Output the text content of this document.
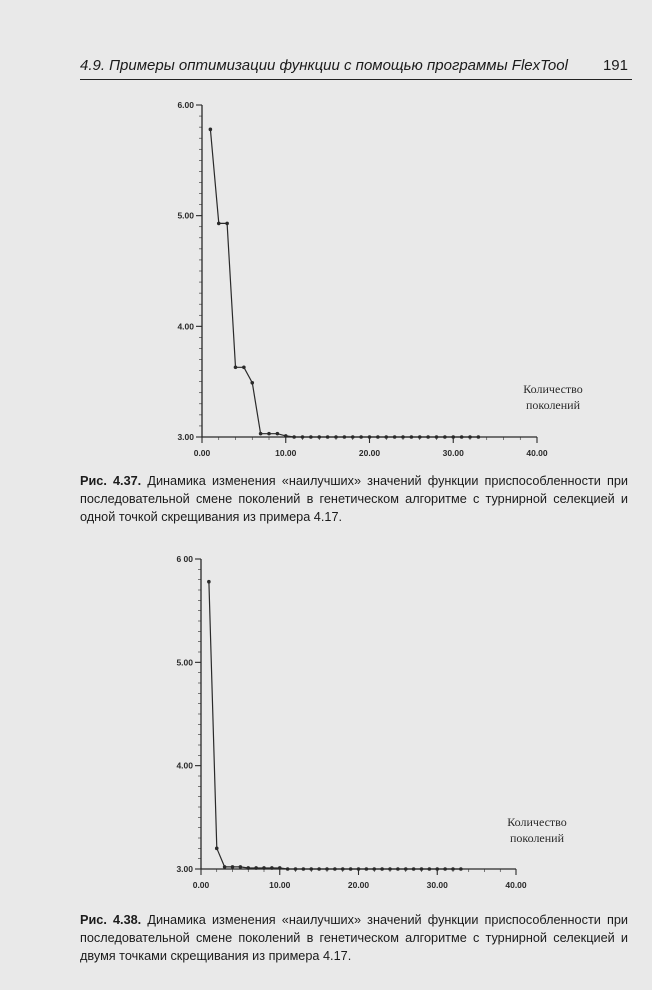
4.9. Примеры оптимизации функции с помощью программы FlexTool 191
3.00
4.00
5.00
6.00
0.00	10.00	20.00	30.00	40.00
Количество
поколений
Рис. 4.37. Динамика изменения «наилучших» значений функции приспособленности при последовательной смене поколений в генетическом алгоритме с турнирной селекцией и одной точкой скрещивания из примера 4.17.
3.00
4.00
5.00
6 00
0.00	10.00	20.00	30.00	40.00
Количество
поколений
Рис. 4.38. Динамика изменения «наилучших» значений функции приспособленности при последовательной смене поколений в генетическом алгоритме с турнирной селекцией и двумя точками скрещивания из примера 4.17.
